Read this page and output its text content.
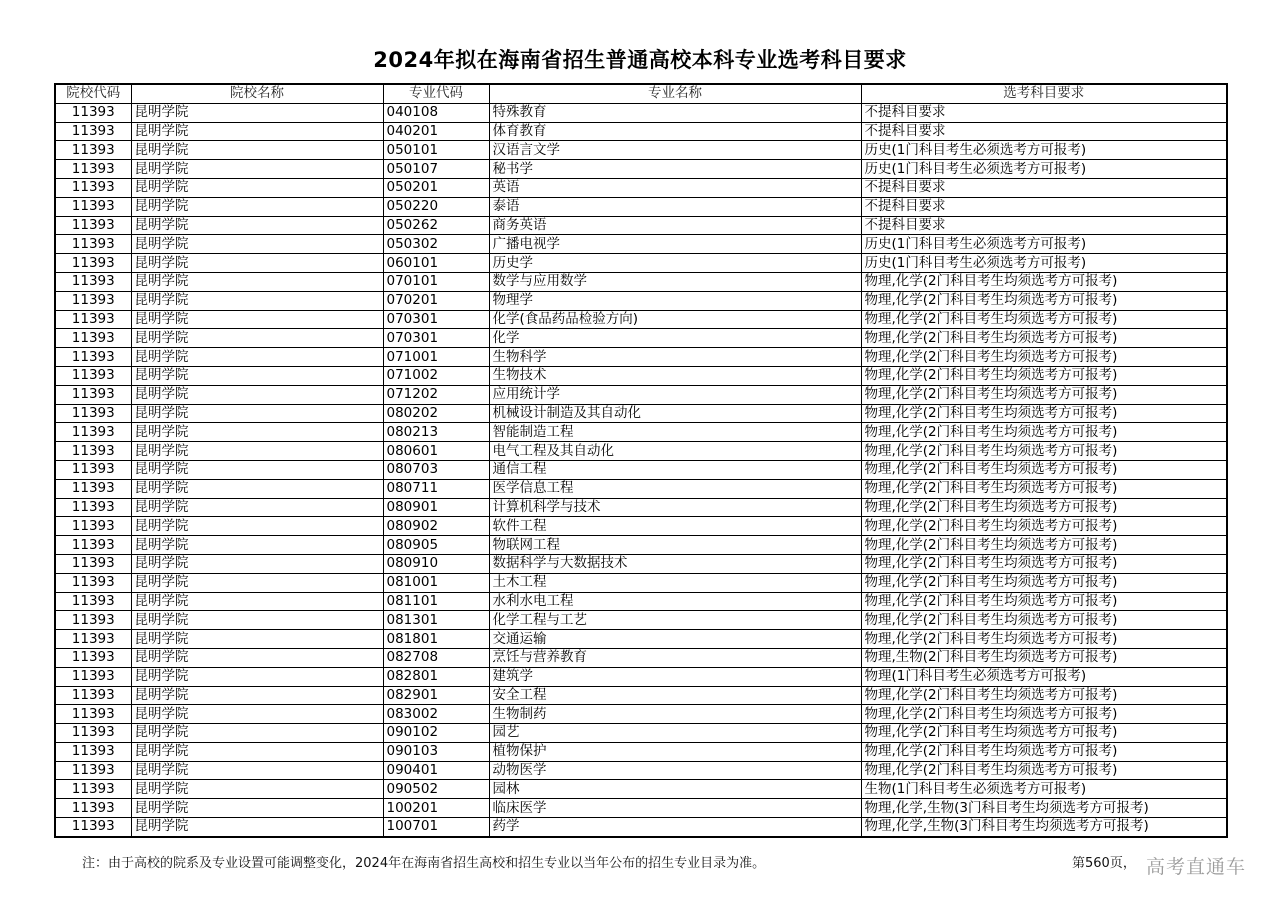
2024年拟在海南省招生普通高校本科专业选考科目要求
院校代码	院校名称	专业代码	专业名称	选考科目要求
11393	昆明学院	040108	特殊教育	不提科目要求
11393	昆明学院	040201	体育教育	不提科目要求
11393	昆明学院	050101	汉语言文学	历史(1门科目考生必须选考方可报考)
11393	昆明学院	050107	秘书学	历史(1门科目考生必须选考方可报考)
11393	昆明学院	050201	英语	不提科目要求
11393	昆明学院	050220	泰语	不提科目要求
11393	昆明学院	050262	商务英语	不提科目要求
11393	昆明学院	050302	广播电视学	历史(1门科目考生必须选考方可报考)
11393	昆明学院	060101	历史学	历史(1门科目考生必须选考方可报考)
11393	昆明学院	070101	数学与应用数学	物理,化学(2门科目考生均须选考方可报考)
11393	昆明学院	070201	物理学	物理,化学(2门科目考生均须选考方可报考)
11393	昆明学院	070301	化学(食品药品检验方向)	物理,化学(2门科目考生均须选考方可报考)
11393	昆明学院	070301	化学	物理,化学(2门科目考生均须选考方可报考)
11393	昆明学院	071001	生物科学	物理,化学(2门科目考生均须选考方可报考)
11393	昆明学院	071002	生物技术	物理,化学(2门科目考生均须选考方可报考)
11393	昆明学院	071202	应用统计学	物理,化学(2门科目考生均须选考方可报考)
11393	昆明学院	080202	机械设计制造及其自动化	物理,化学(2门科目考生均须选考方可报考)
11393	昆明学院	080213	智能制造工程	物理,化学(2门科目考生均须选考方可报考)
11393	昆明学院	080601	电气工程及其自动化	物理,化学(2门科目考生均须选考方可报考)
11393	昆明学院	080703	通信工程	物理,化学(2门科目考生均须选考方可报考)
11393	昆明学院	080711	医学信息工程	物理,化学(2门科目考生均须选考方可报考)
11393	昆明学院	080901	计算机科学与技术	物理,化学(2门科目考生均须选考方可报考)
11393	昆明学院	080902	软件工程	物理,化学(2门科目考生均须选考方可报考)
11393	昆明学院	080905	物联网工程	物理,化学(2门科目考生均须选考方可报考)
11393	昆明学院	080910	数据科学与大数据技术	物理,化学(2门科目考生均须选考方可报考)
11393	昆明学院	081001	土木工程	物理,化学(2门科目考生均须选考方可报考)
11393	昆明学院	081101	水利水电工程	物理,化学(2门科目考生均须选考方可报考)
11393	昆明学院	081301	化学工程与工艺	物理,化学(2门科目考生均须选考方可报考)
11393	昆明学院	081801	交通运输	物理,化学(2门科目考生均须选考方可报考)
11393	昆明学院	082708	烹饪与营养教育	物理,生物(2门科目考生均须选考方可报考)
11393	昆明学院	082801	建筑学	物理(1门科目考生必须选考方可报考)
11393	昆明学院	082901	安全工程	物理,化学(2门科目考生均须选考方可报考)
11393	昆明学院	083002	生物制药	物理,化学(2门科目考生均须选考方可报考)
11393	昆明学院	090102	园艺	物理,化学(2门科目考生均须选考方可报考)
11393	昆明学院	090103	植物保护	物理,化学(2门科目考生均须选考方可报考)
11393	昆明学院	090401	动物医学	物理,化学(2门科目考生均须选考方可报考)
11393	昆明学院	090502	园林	生物(1门科目考生必须选考方可报考)
11393	昆明学院	100201	临床医学	物理,化学,生物(3门科目考生均须选考方可报考)
11393	昆明学院	100701	药学	物理,化学,生物(3门科目考生均须选考方可报考)
注：由于高校的院系及专业设置可能调整变化，2024年在海南省招生高校和招生专业以当年公布的招生专业目录为准。	第560页， 高考直通车
